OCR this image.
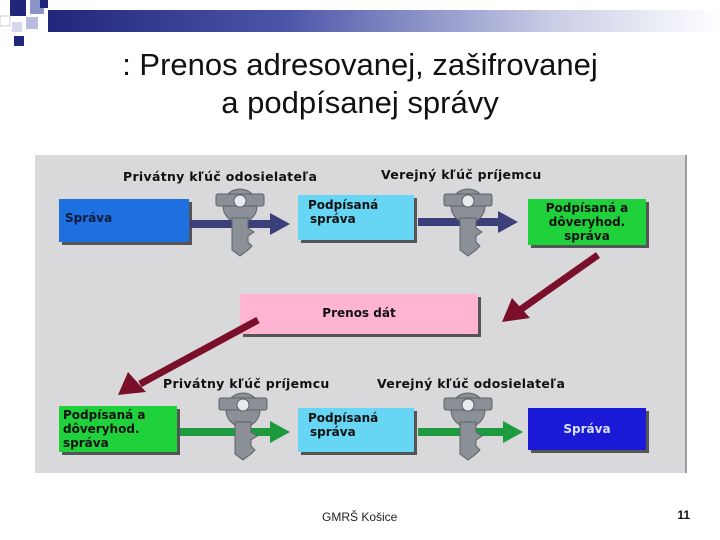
: Prenos adresovanej, zašifrovanej
a podpísanej správy
Privátny kľúč odosielateľa	Verejný kľúč príjemcu
Správa
Podpísaná
správa
Podpísaná a
dôveryhod.
správa
Prenos dát
Privátny kľúč príjemcu	Verejný kľúč odosielateľa
Podpísaná a
dôveryhod.
správa
Podpísaná
správa	Správa
GMRŠ Košice	11
